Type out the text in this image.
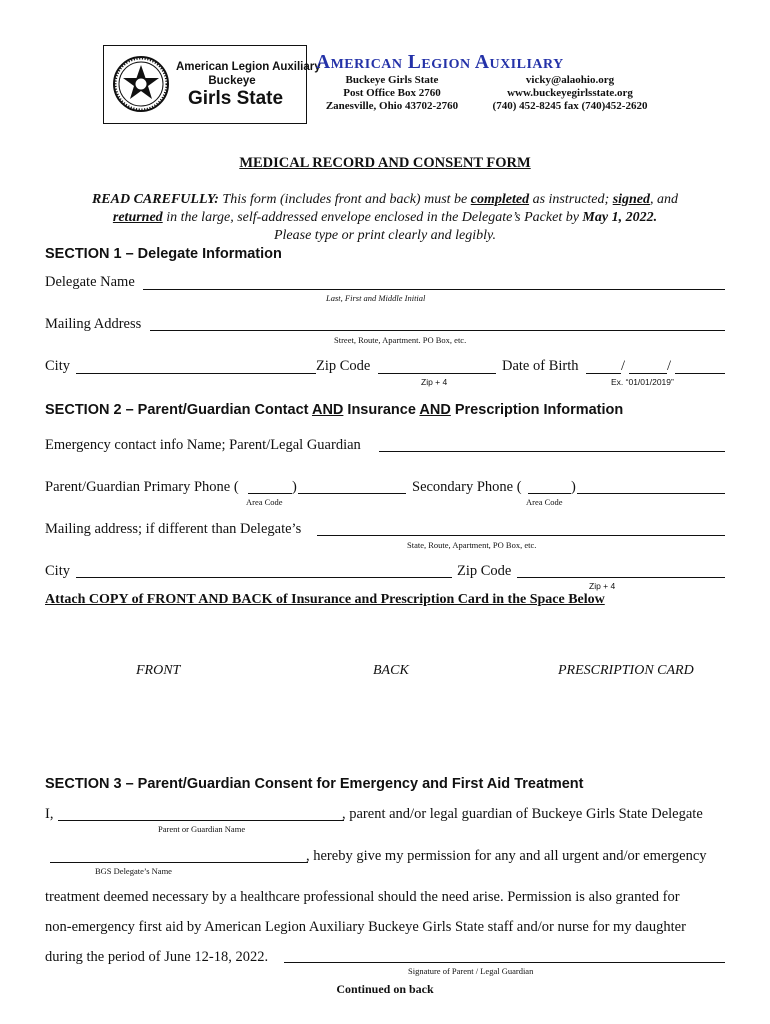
American Legion Auxiliary
Buckeye
Girls State
American Legion Auxiliary
Buckeye Girls State
Post Office Box 2760
Zanesville, Ohio 43702-2760
vicky@alaohio.org
www.buckeyegirlsstate.org
(740) 452-8245 fax (740)452-2620
MEDICAL RECORD AND CONSENT FORM
READ CAREFULLY: This form (includes front and back) must be completed as instructed; signed, and
returned in the large, self-addressed envelope enclosed in the Delegate’s Packet by May 1, 2022.
Please type or print clearly and legibly.
SECTION 1 – Delegate Information
Delegate Name
Last, First and Middle Initial
Mailing Address
Street, Route, Apartment. PO Box, etc.
City	Zip Code
Zip + 4
Date of Birth	/	/
Ex. “01/01/2019”
SECTION 2 – Parent/Guardian Contact AND Insurance AND Prescription Information
Emergency contact info Name; Parent/Legal Guardian
Parent/Guardian Primary Phone (	)
Area Code
Secondary Phone (	)
Area Code
Mailing address; if different than Delegate’s
State, Route, Apartment, PO Box, etc.
City	Zip Code
Zip + 4
Attach COPY of FRONT AND BACK of Insurance and Prescription Card in the Space Below
FRONT	BACK	PRESCRIPTION CARD
SECTION 3 – Parent/Guardian Consent for Emergency and First Aid Treatment
I,	, parent and/or legal guardian of Buckeye Girls State Delegate
Parent or Guardian Name
, hereby give my permission for any and all urgent and/or emergency
BGS Delegate’s Name
treatment deemed necessary by a healthcare professional should the need arise. Permission is also granted for
non-emergency first aid by American Legion Auxiliary Buckeye Girls State staff and/or nurse for my daughter
during the period of June 12-18, 2022.
Signature of Parent / Legal Guardian
Continued on back
